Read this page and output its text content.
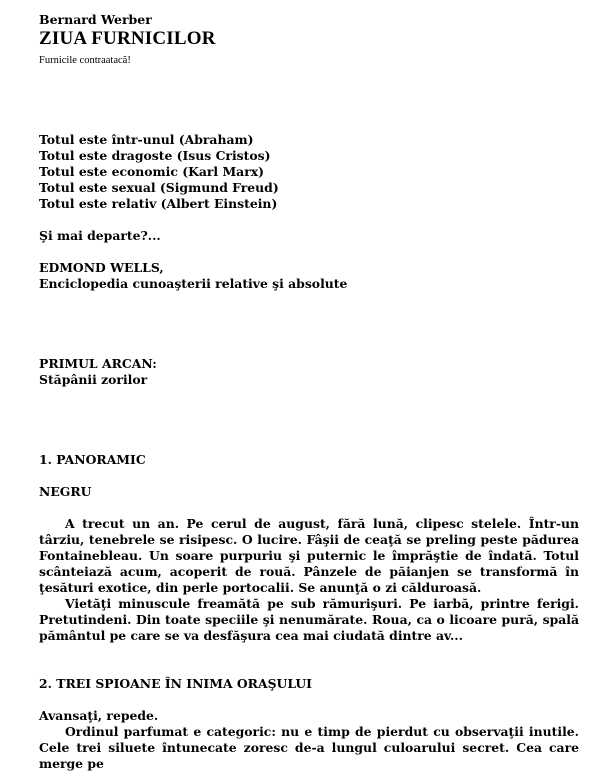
Bernard Werber
ZIUA FURNICILOR
Furnicile contraatacă!
Totul este într-unul (Abraham)
Totul este dragoste (Isus Cristos)
Totul este economic (Karl Marx)
Totul este sexual (Sigmund Freud)
Totul este relativ (Albert Einstein)
Şi mai departe?...
EDMOND WELLS,
Enciclopedia cunoaşterii relative şi absolute
PRIMUL ARCAN:
Stăpânii zorilor
1. PANORAMIC
NEGRU

A trecut un an. Pe cerul de august, fără lună, clipesc stelele. Într-un târziu, tenebrele se risipesc. O lucire. Fâşii de ceaţă se preling peste pădurea Fontainebleau. Un soare purpuriu şi puternic le împrăştie de îndată. Totul scânteiază acum, acoperit de rouă. Pânzele de păianjen se transformă în ţesături exotice, din perle portocalii. Se anunţă o zi călduroasă.

Vietăţi minuscule freamătă pe sub rămurişuri. Pe iarbă, printre ferigi. Pretutindeni. Din toate speciile şi nenumărate. Roua, ca o licoare pură, spală pământul pe care se va desfăşura cea mai ciudată dintre av...

2. TREI SPIOANE ÎN INIMA ORAŞULUI

Avansaţi, repede.

Ordinul parfumat e categoric: nu e timp de pierdut cu observaţii inutile. Cele trei siluete întunecate zoresc de-a lungul culoarului secret. Cea care merge pe
